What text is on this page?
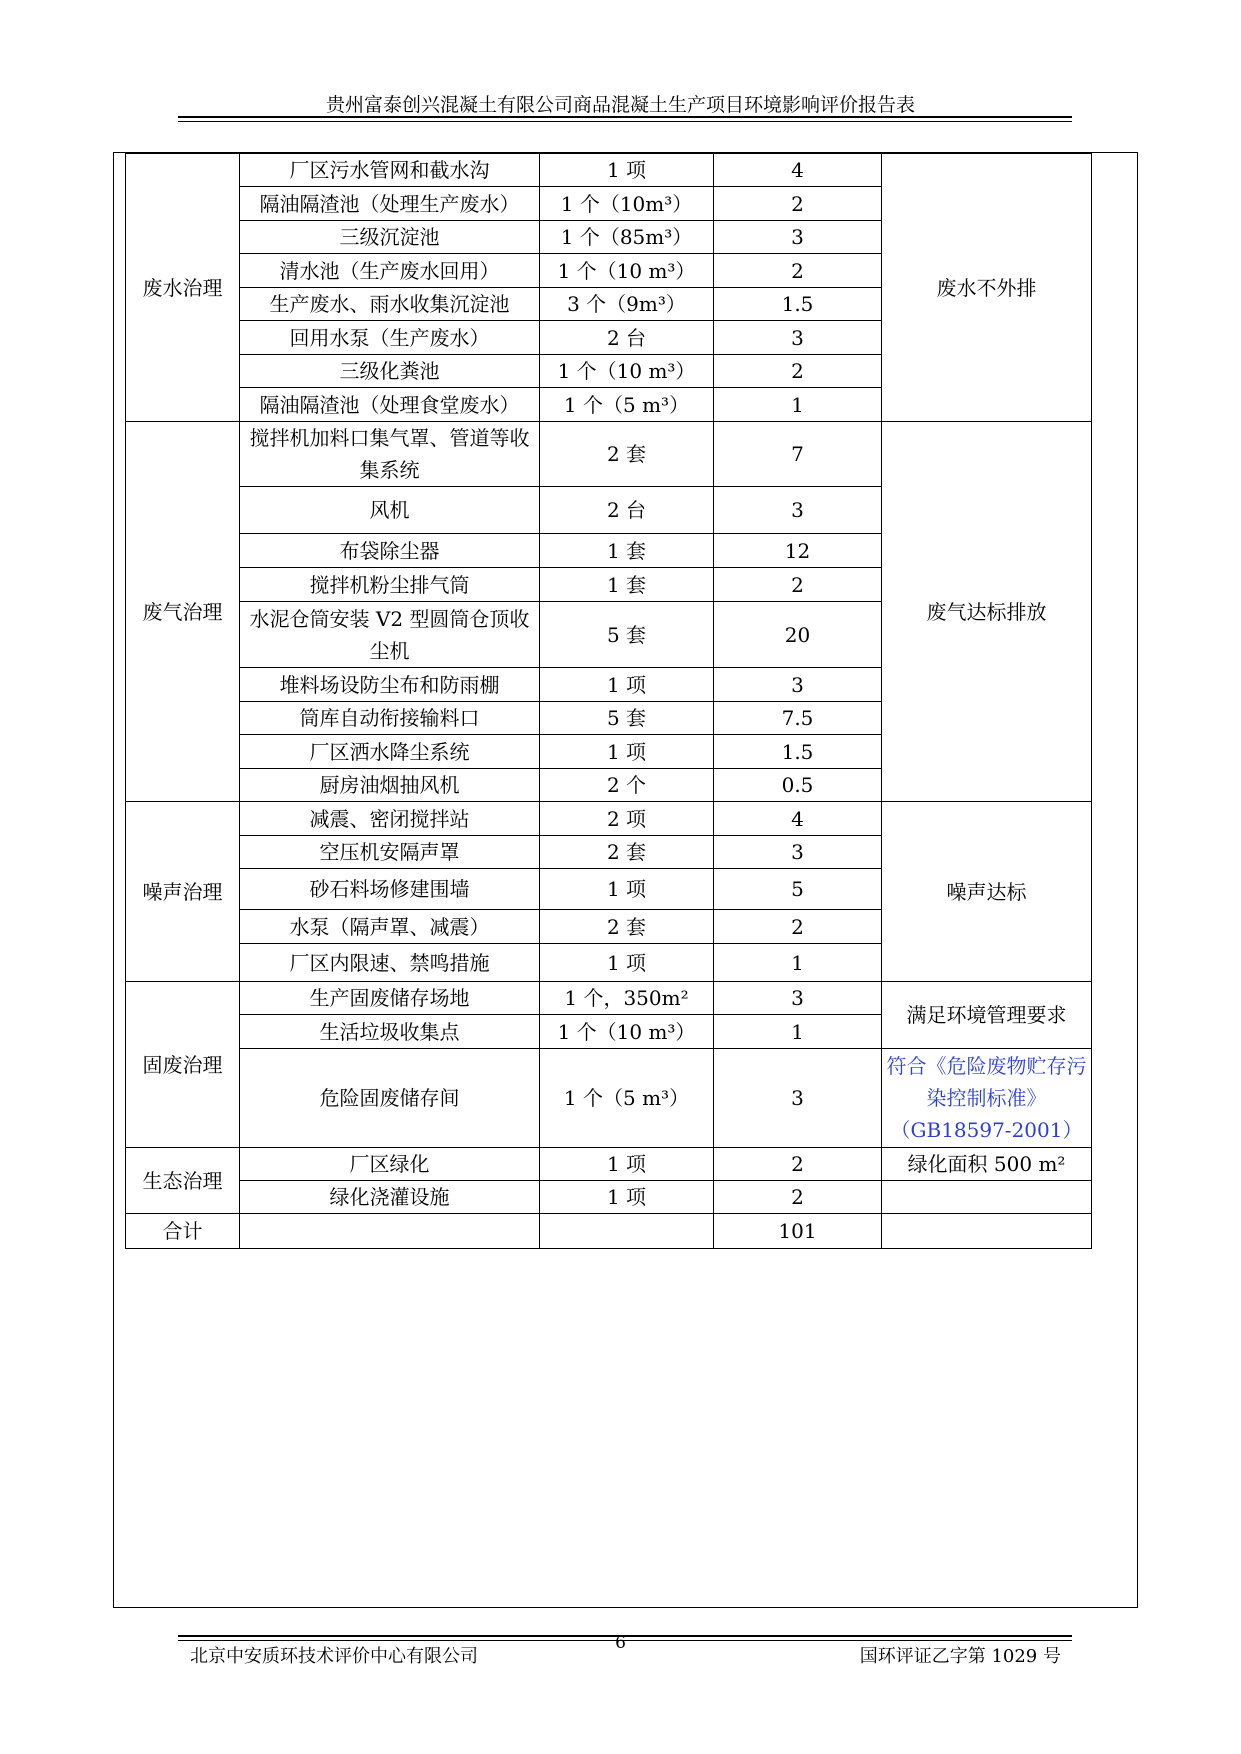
贵州富泰创兴混凝土有限公司商品混凝土生产项目环境影响评价报告表
废水治理	厂区污水管网和截水沟	1 项	4	废水不外排
	隔油隔渣池（处理生产废水）	1 个（10m³）	2	
	三级沉淀池	1 个（85m³）	3	
	清水池（生产废水回用）	1 个（10 m³）	2	
	生产废水、雨水收集沉淀池	3 个（9m³）	1.5	
	回用水泵（生产废水）	2 台	3	
	三级化粪池	1 个（10 m³）	2	
	隔油隔渣池（处理食堂废水）	1 个（5 m³）	1	
废气治理	搅拌机加料口集气罩、管道等收集系统	2 套	7	废气达标排放
	风机	2 台	3	
	布袋除尘器	1 套	12	
	搅拌机粉尘排气筒	1 套	2	
	水泥仓筒安装 V2 型圆筒仓顶收尘机	5 套	20	
	堆料场设防尘布和防雨棚	1 项	3	
	筒库自动衔接输料口	5 套	7.5	
	厂区洒水降尘系统	1 项	1.5	
	厨房油烟抽风机	2 个	0.5	
噪声治理	减震、密闭搅拌站	2 项	4	噪声达标
	空压机安隔声罩	2 套	3	
	砂石料场修建围墙	1 项	5	
	水泵（隔声罩、减震）	2 套	2	
	厂区内限速、禁鸣措施	1 项	1	
固废治理	生产固废储存场地	1 个，350m²	3	满足环境管理要求
	生活垃圾收集点	1 个（10 m³）	1	
	危险固废储存间	1 个（5 m³）	3	符合《危险废物贮存污染控制标准》（GB18597-2001）
生态治理	厂区绿化	1 项	2	绿化面积 500 m²
	绿化浇灌设施	1 项	2	
合计			101	
北京中安质环技术评价中心有限公司
6
国环评证乙字第 1029 号
